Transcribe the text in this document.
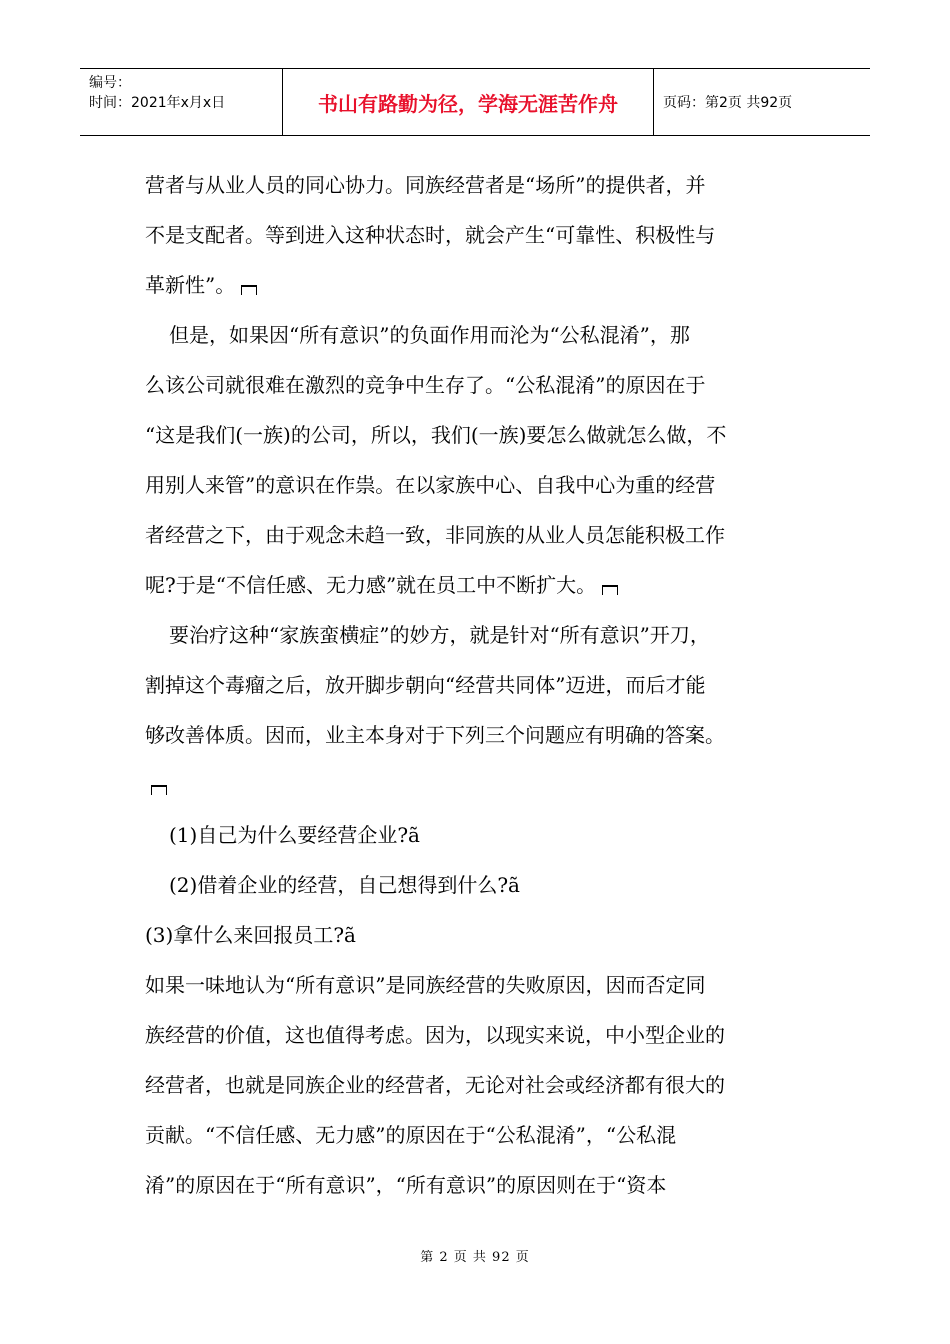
编号：
时间：2021年x月x日	书山有路勤为径，学海无涯苦作舟	页码：第2页 共92页
营者与从业人员的同心协力。同族经营者是“场所”的提供者，并
不是支配者。等到进入这种状态时，就会产生“可靠性、积极性与
革新性”。
但是，如果因“所有意识”的负面作用而沦为“公私混淆”，那
么该公司就很难在激烈的竞争中生存了。“公私混淆”的原因在于
“这是我们(一族)的公司，所以，我们(一族)要怎么做就怎么做，不
用别人来管”的意识在作祟。在以家族中心、自我中心为重的经营
者经营之下，由于观念未趋一致，非同族的从业人员怎能积极工作
呢?于是“不信任感、无力感”就在员工中不断扩大。
要治疗这种“家族蛮横症”的妙方，就是针对“所有意识”开刀，
割掉这个毒瘤之后，放开脚步朝向“经营共同体”迈进，而后才能
够改善体质。因而，业主本身对于下列三个问题应有明确的答案。
(1)自己为什么要经营企业?ã
(2)借着企业的经营，自己想得到什么?ã
(3)拿什么来回报员工?ã
如果一味地认为“所有意识”是同族经营的失败原因，因而否定同
族经营的价值，这也值得考虑。因为，以现实来说，中小型企业的
经营者，也就是同族企业的经营者，无论对社会或经济都有很大的
贡献。“不信任感、无力感”的原因在于“公私混淆”，“公私混
淆”的原因在于“所有意识”，“所有意识”的原因则在于“资本
第 2 页 共 92 页
